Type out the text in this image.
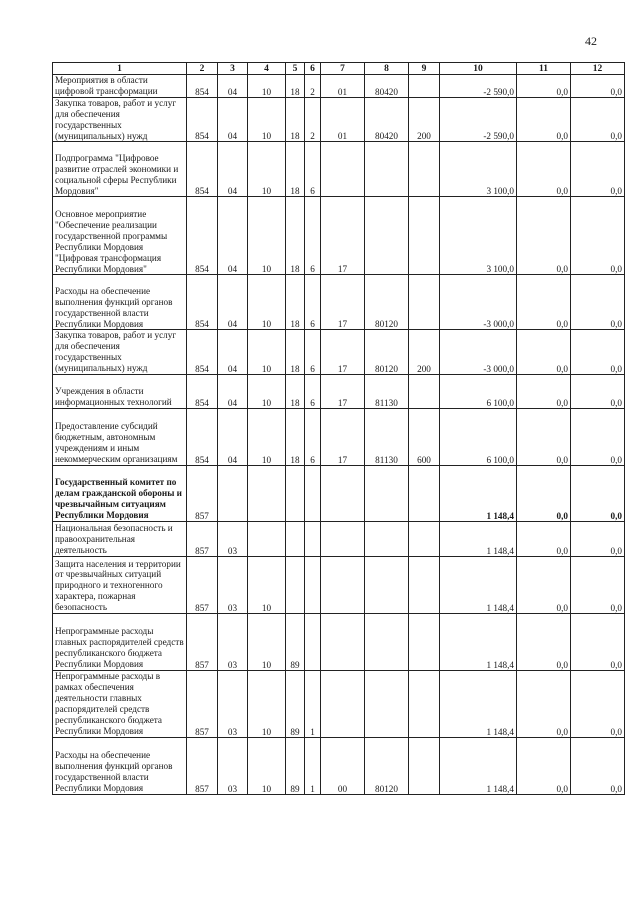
42
1	2	3	4	5	6	7	8	9	10	11	12
Мероприятия в области цифровой трансформации	854	04	10	18	2	01	80420		-2 590,0	0,0	0,0
Закупка товаров, работ и услуг для обеспечения государственных (муниципальных) нужд	854	04	10	18	2	01	80420	200	-2 590,0	0,0	0,0
Подпрограмма "Цифровое развитие отраслей экономики и социальной сферы Республики Мордовия"	854	04	10	18	6				3 100,0	0,0	0,0
Основное мероприятие "Обеспечение реализации государственной программы Республики Мордовия "Цифровая трансформация Республики Мордовия"	854	04	10	18	6	17			3 100,0	0,0	0,0
Расходы на обеспечение выполнения функций органов государственной власти Республики Мордовия	854	04	10	18	6	17	80120		-3 000,0	0,0	0,0
Закупка товаров, работ и услуг для обеспечения государственных (муниципальных) нужд	854	04	10	18	6	17	80120	200	-3 000,0	0,0	0,0
Учреждения в области информационных технологий	854	04	10	18	6	17	81130		6 100,0	0,0	0,0
Предоставление субсидий бюджетным, автономным учреждениям и иным некоммерческим организациям	854	04	10	18	6	17	81130	600	6 100,0	0,0	0,0
Государственный комитет по делам гражданской обороны и чрезвычайным ситуациям Республики Мордовия	857								1 148,4	0,0	0,0
Национальная безопасность и правоохранительная деятельность	857	03							1 148,4	0,0	0,0
Защита населения и территории от чрезвычайных ситуаций природного и техногенного характера, пожарная безопасность	857	03	10						1 148,4	0,0	0,0
Непрограммные расходы главных распорядителей средств республиканского бюджета Республики Мордовия	857	03	10	89					1 148,4	0,0	0,0
Непрограммные расходы в рамках обеспечения деятельности главных распорядителей средств республиканского бюджета Республики Мордовия	857	03	10	89	1				1 148,4	0,0	0,0
Расходы на обеспечение выполнения функций органов государственной власти Республики Мордовия	857	03	10	89	1	00	80120		1 148,4	0,0	0,0
